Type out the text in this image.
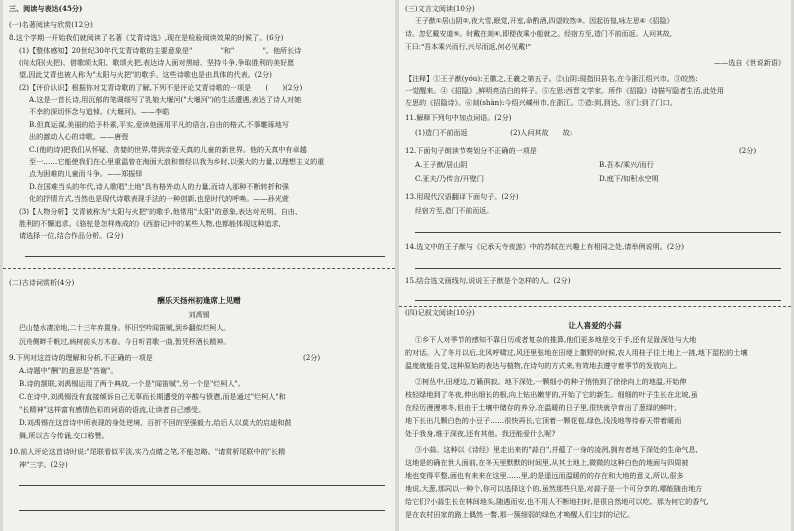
三、阅读与表达(45分)
(一)名著阅读与欣赏(12分)
8.这个学期一开始我们就阅读了名著《艾青诗选》,现在是检验阅读效果的时候了。(6分)
(1)【整体感知】20世纪30年代艾青诗歌的主要意象是"　　　　"和"　　　　"。他所长诗
(向太阳(火把)、借歌颂太阳、歌颂火把,表达诗人面对黑暗、坚持斗争,争取胜利的美好愿
望,因此艾青也被人称为"太阳与火把"的歌手。这些诗歌也是由具体的代表。(2分)
(2)【评价认识】根据你对艾青诗歌的了解,下列不是评论艾青诗歌的一项是　　(　　)(2分)
A.这是一首长诗,用沉郁的笔调细写了乳娘大堰河("大堰河")的生活遭遇,表达了诗人对她
不幸的深切怀念与追悼。(大堰河)。——李皓
B.但真运谋,美丽的给予朴素,平实,爱读他画用平凡的语言,自由的格式,不事雕琢地写
出的激动人心的诗歌。——唐弢
C.(他的诗)把我们从怀疑、贪婪的世界,带到亲爱天真的儿童的新世界。他的天真中有卓越
至一……它能使我们在心里重温曾在海面大浪和曾经以我为乡时,以强大的力量,以理想主义的重
点为困难的儿童而斗争。——郑振铎
D.在国难当头的年代,诗人歌唱"土地"具有格外动人的力量,而诗人那种不断转折和强
化的抒情方式,当然也是现代诗歌表现手法的一种创新,也是时代的呼唤。——孙光萱
(3)【人物分析】艾青被称为"太阳与火把"的歌手,他常用"太阳"的意象,表达对光明、自由、
胜利的不懈追求。《骆驼是怎样炼成的》(西游记)中的某些人物,也都能体现这种追求,
请选择一位,结合作品分析。(2分)
(二)古诗词赏析(4分)
酬乐天扬州初逢席上见赠
刘禹锡
巴山楚水凄凉地,二十三年弃置身。怀旧空吟闻笛赋,到乡翻似烂柯人。
沉舟侧畔千帆过,病树前头万木春。今日听君歌一曲,暂凭杯酒长精神。
9.下列对这首诗的理解和分析,不正确的一项是	(2分)
A.诗题中"酬"的意思是"答谢"。
B.诗的颔联,刘禹锡运用了两个典故,一个是"闻笛赋",另一个是"烂柯人"。
C.在诗中,刘禹锡没有直接倾诉自己无辜而长期遭受的辛酸与愤懑,而是通过"烂柯人"和
"长精神"这样富有感情色彩的词语的语流,让读者自己感受。
D.刘禹锡在这首诗中所表现的身处逆境、百折不回的坚强毅力,给后人以莫大的启迪和鼓
舞,所以古今传诵,交口称赞。
10.前人评论这首诗时说:"尾联看似平淡,实乃点睛之笔,不能忽略。"请赏析尾联中的"长精
神"三字。(2分)
(三)文言文阅读(10分)
王子猷①居山阴②,夜大雪,眠觉,开室,命酌酒,四望皎然③。因起彷徨,咏左思④《招隐》
诗。忽忆戴安道⑤。时戴在剡⑥,即便夜乘小船就之。经宿方至,造门不前而返。人问其故,
王曰:"吾本乘兴而行,兴尽而返,何必见戴!"
——选自《世说新语》
【注释】①王子猷(yóu):王徽之,王羲之第五子。②山阴:现指旧县名,在今浙江绍兴市。③皎然:
一觉醒来。④《招隐》,鲜明亮洁白的样子。⑤左思:西晋文学家。所作《招隐》诗描写隐者生活,此处用
左思的《招隐诗》。⑥剡(shàn):今绍兴嵊州市,在浙江。⑦造:到,到达。⑧门:到了门口。
11.解释下列句中加点词语。(2分)
(1)造门不前而返　　　　　　(2)人问其故　　故:
12.下面句子朗读节奏划分不正确的一项是	(2分)
A.王子猷/居山阴	B.吾本/乘兴/而行
C.亚夫/乃传言/开壁门	D.庭下/如积水空明
13.用现代汉语翻译下面句子。(2分)
经宿方至,造门不前而返。
14.选文中的王子猷与《记承天寺夜游》中的苏轼在兴趣上有相同之处,请举例说明。(2分)
15.结合选文画线句,说说王子猷是个怎样的人。(2分)
(四)记叙文阅读(10分)
让人喜爱的小蒜
①乡下人对季节的感知不靠日历或者复杂的推算,他们更多地是交于手,还有足趾深处与大地
的对话。入了冬月以后,北风呼啸过,风还里张地在田埂上撒野的时候,农人用桂子往土地上一挑,地下湿松的土壤
温度就能自觉,这种原始的表达与植物,在诗句的方式来,有效地去遵守着季节的发放向上。
②树丛中,田埂边,万籁俱寂。地下深处,一颗细小的种子悄悄到了徐徐向上的地温,开始伸
枝轻绿地到了冬夜,伸出细长的根,向上钻出嫩芽的,开始了它的新生。细细的叶子生长在北坡,虽
在经历漫漫寒冬,但由于土壤中储存的养分,在温暖的日子里,很快就孕育出了葱绿的鲜叶,
地下长出几颗白色的小豆子……很快再长,它顶着一颗花苞,绿色,浅浅地等待春天带着暖而
处于我身,维于深夜,还有其他。我还能爱什么呢?
③小蒜。这种以《诗经》里走出来的"蒜白",并蕴了一身的凌冽,拥有者地下深处的生命气息,
这地是的确在世人面前,在冬天里默默的时间里,从其土地上,微微的这种白色的地面与四周被
地也变得平整,面也有来来在这里……里,的是遥远而温暖的的存在和大地的意义,所以,很多
地说,大葱,那同以一种个,你可以选择这个的,虽然那些只是,对蒜子是一个可分享的,哪能随由地方
给它们?小蒜生长在林间地头,随遇而安,也不用人不断地扫时,是很自然地可以吃。那为何它的香气,
是在农村田家的路上偶然一瞥,那一簇细弱的绿色才唤醒人们尘封的记忆。
